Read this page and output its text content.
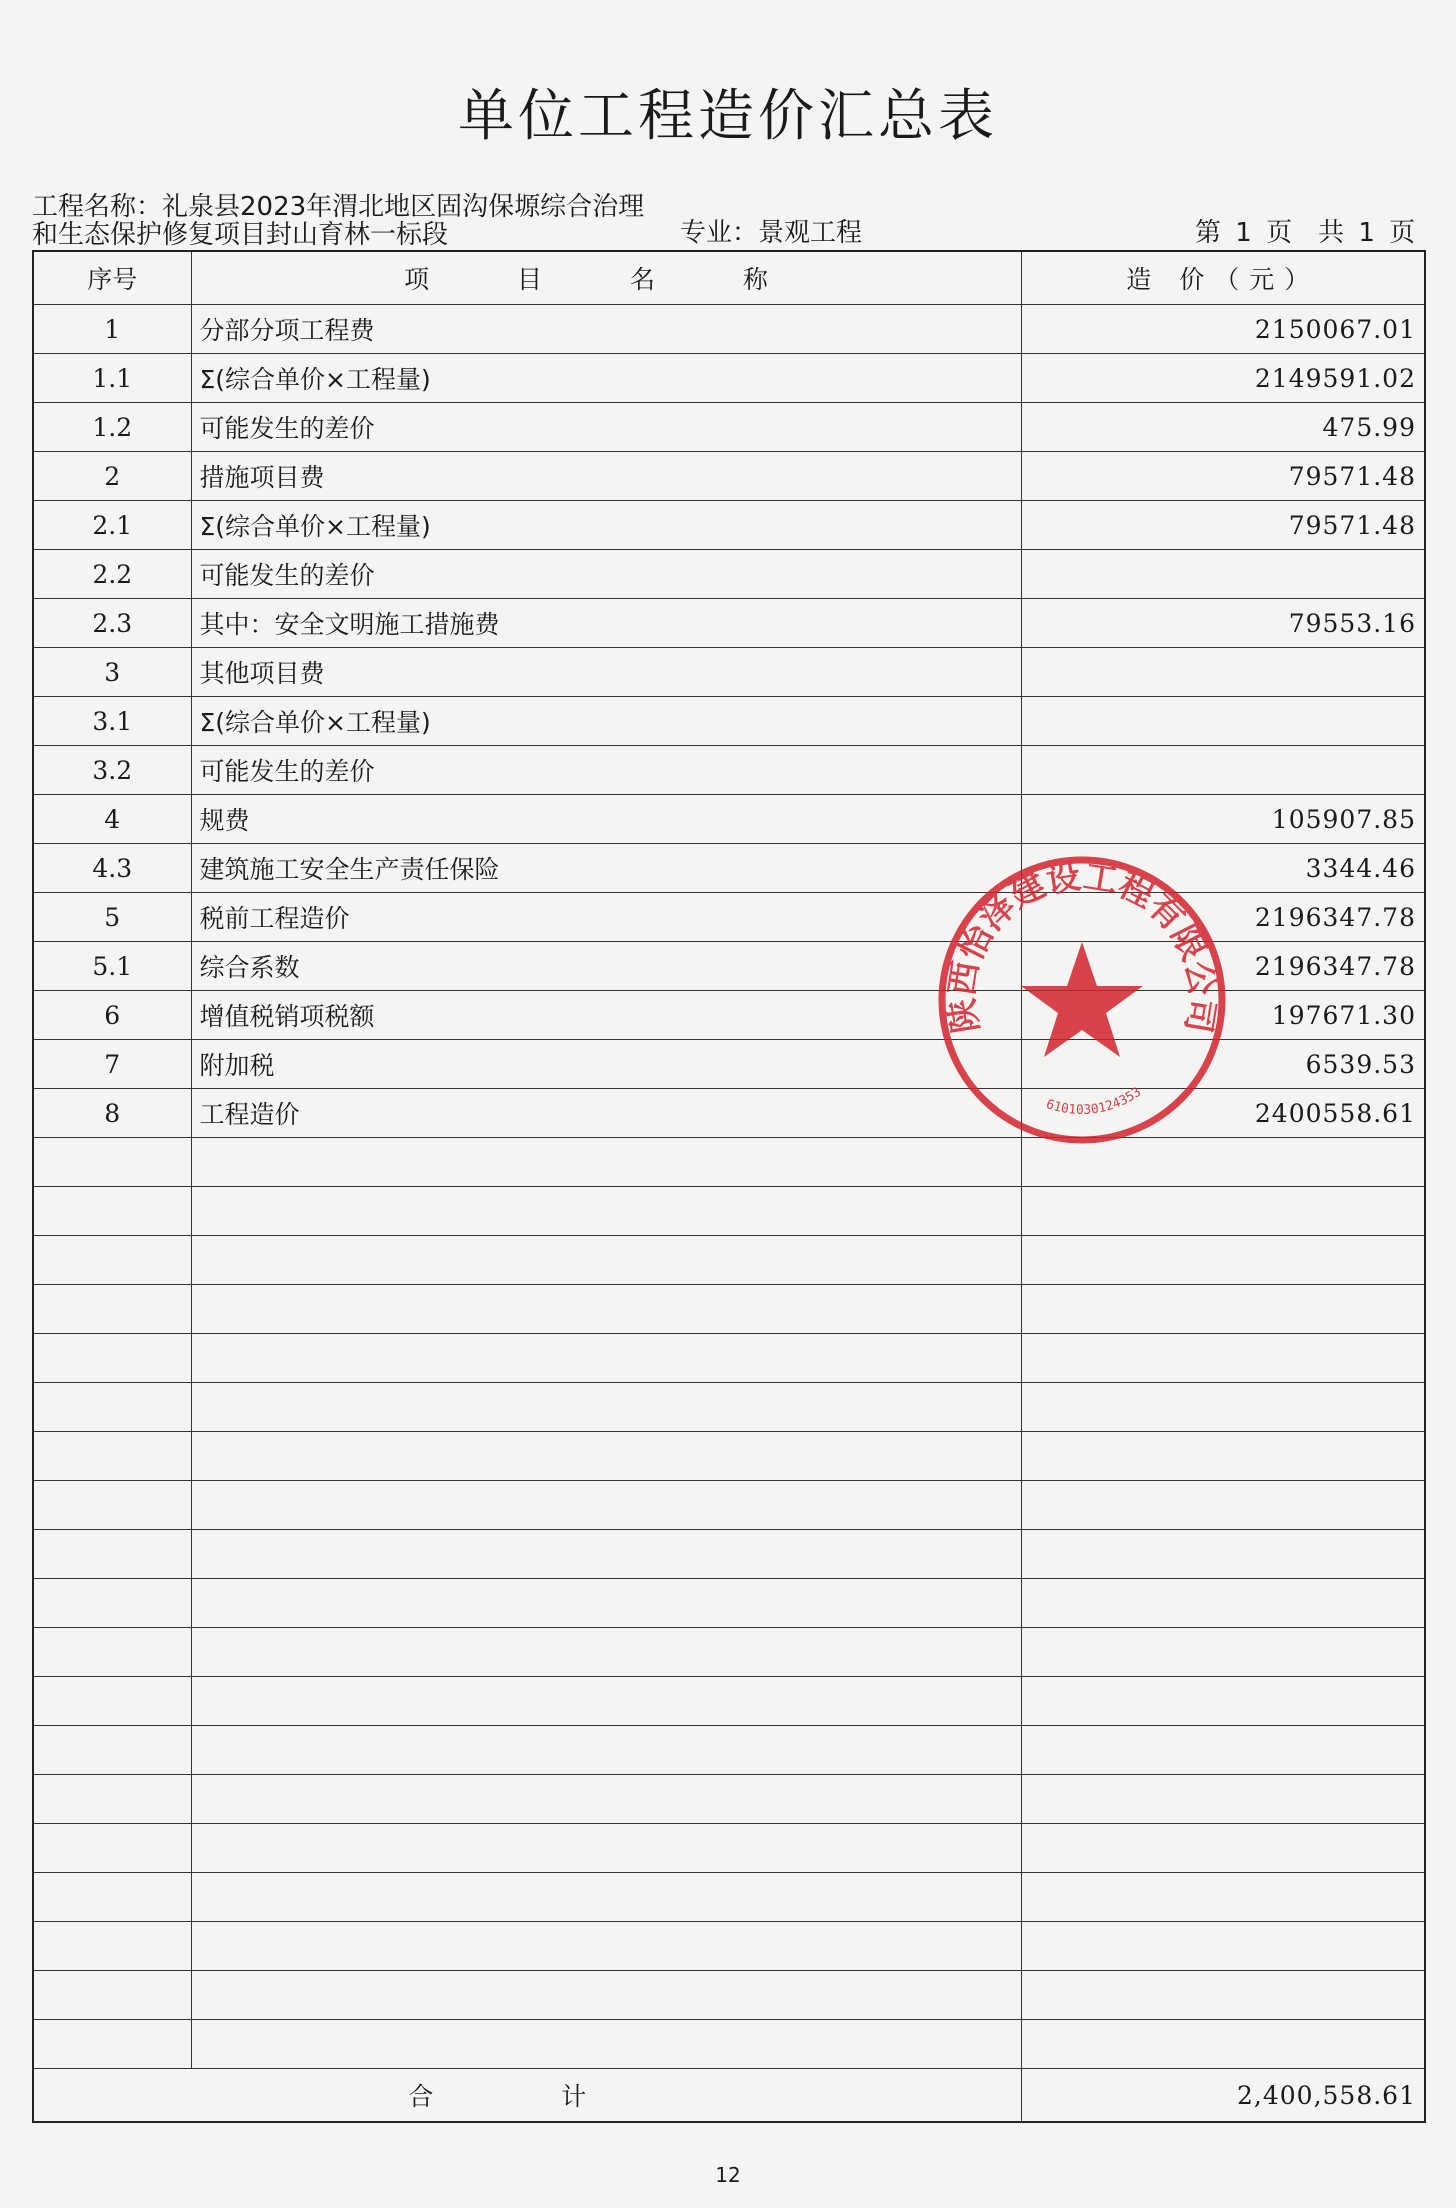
单位工程造价汇总表
工程名称：礼泉县2023年渭北地区固沟保塬综合治理
和生态保护修复项目封山育林一标段	专业：景观工程	第 1 页　共 1 页
序号	项 目 名 称	造 价（元）
1	分部分项工程费	2150067.01
1.1	Σ(综合单价×工程量)	2149591.02
1.2	可能发生的差价	475.99
2	措施项目费	79571.48
2.1	Σ(综合单价×工程量)	79571.48
2.2	可能发生的差价	
2.3	其中：安全文明施工措施费	79553.16
3	其他项目费	
3.1	Σ(综合单价×工程量)	
3.2	可能发生的差价	
4	规费	105907.85
4.3	建筑施工安全生产责任保险	3344.46
5	税前工程造价	2196347.78
5.1	综合系数	2196347.78
6	增值税销项税额	197671.30
7	附加税	6539.53
8	工程造价	2400558.61

合 计		2,400,558.61
陕西怡泽建设工程有限公司
6101030124353
12
